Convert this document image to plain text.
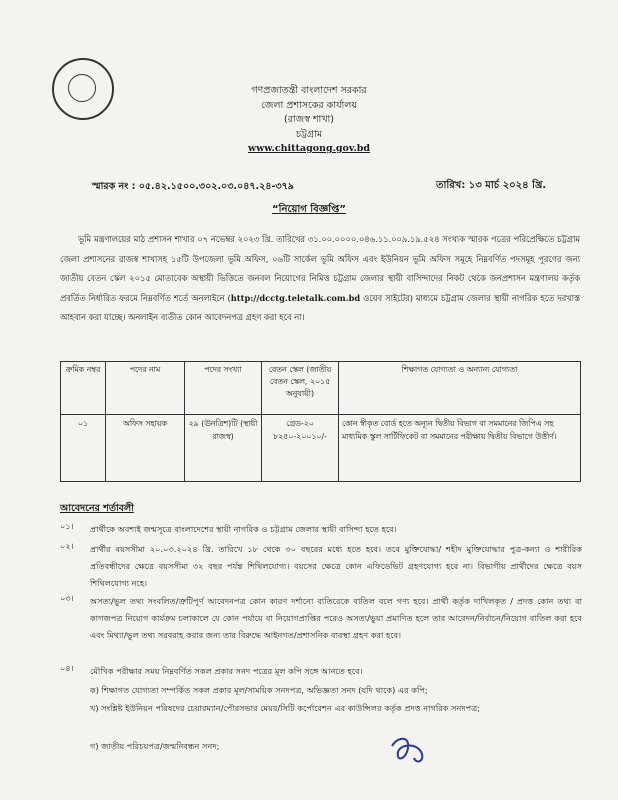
গণপ্রজাতন্ত্রী বাংলাদেশ সরকার
জেলা প্রশাসকের কার্যালয়
(রাজস্ব শাখা)
চট্টগ্রাম
www.chittagong.gov.bd
স্মারক নং : ০৫.৪২.১৫০০.৩০২.০৩.০৪৭.২৪-৩৭৯	তারিখ: ১৩ মার্চ ২০২৪ খ্রি.
“নিয়োগ বিজ্ঞপ্তি”
ভূমি মন্ত্রণালয়ের মাঠ প্রশাসন শাখার ০৭ নভেম্বর ২০২৩ খ্রি. তারিখের ৩১.০০.০০০০.০৪৬.১১.০০৯.১৯.৫২৪ সংখ্যক স্মারক পত্রের পরিপ্রেক্ষিতে চট্টগ্রাম জেলা প্রশাসনের রাজস্ব শাখাসহ ১৫টি উপজেলা ভূমি অফিস, ০৬টি সার্কেল ভূমি অফিস এবং ইউনিয়ন ভূমি অফিস সমূহে নিম্নবর্ণিত পদসমূহ পূরণের জন্য জাতীয় বেতন স্কেল ২০১৫ মোতাবেক অস্থায়ী ভিত্তিতে জনবল নিয়োগের নিমিত্ত চট্টগ্রাম জেলার স্থায়ী বাসিন্দাদের নিকট থেকে জনপ্রশাসন মন্ত্রণালয় কর্তৃক প্রবর্তিত নির্ধারিত ফরমে নিম্নবর্ণিত শর্তে অনলাইনে (http://dcctg.teletalk.com.bd ওয়েব সাইটের) মাধ্যমে চট্টগ্রাম জেলার স্থায়ী নাগরিক হতে দরখাস্ত আহবান করা যাচ্ছে। অনলাইন ব্যতীত কোন আবেদনপত্র গ্রহণ করা হবে না।
ক্রমিক নম্বর	পদের নাম	পদের সংখ্যা	বেতন স্কেল (জাতীয় বেতন স্কেল, ২০১৫ অনুযায়ী)	শিক্ষাগত যোগ্যতা ও অন্যান্য যোগ্যতা
০১	অফিস সহায়ক	২৯ (ঊনত্রিশ)টি (স্থায়ী রাজস্ব)	গ্রেড-২০ ৮২৫০-২০০১০/-	কোন স্বীকৃত বোর্ড হতে অন্যূন দ্বিতীয় বিভাগ বা সমমানের জিপিএ সহ মাধ্যমিক স্কুল সার্টিফিকেট বা সমমানের পরীক্ষায় দ্বিতীয় বিভাগে উত্তীর্ণ।
আবেদনের শর্তাবলী
০১। প্রার্থীকে অবশ্যই জন্মসূত্রে বাংলাদেশের স্থায়ী নাগরিক ও চট্টগ্রাম জেলার স্থায়ী বাসিন্দা হতে হবে।
০২। প্রার্থীর বয়সসীমা ২০.০৩.২০২৪ খ্রি. তারিখে ১৮ থেকে ৩০ বছরের মধ্যে হতে হবে। তবে মুক্তিযোদ্ধা/ শহীদ মুক্তিযোদ্ধার পুত্র-কন্যা ও শারীরিক প্রতিবন্ধীদের ক্ষেত্রে বয়সসীমা ৩২ বছর পর্যন্ত শিথিলযোগ্য। বয়সের ক্ষেত্রে কোন এফিডেভিট গ্রহণযোগ্য হবে না। বিভাগীয় প্রার্থীদের ক্ষেত্রে বয়স শিথিলযোগ্য নহে।
০৩। অসত্য/ভুল তথ্য সংবলিত/ত্রুটিপূর্ণ আবেদনপত্র কোন কারণ দর্শানো ব্যতিরেকে বাতিল বলে গণ্য হবে। প্রার্থী কর্তৃক দাখিলকৃত / প্রদত্ত কোন তথ্য বা কাগজপত্র নিয়োগ কার্যক্রম চলাকালে যে কোন পর্যায়ে বা নিয়োগপ্রাপ্তির পরেও অসত্য/ভুয়া প্রমাণিত হলে তার আবেদন/নির্বাচন/নিয়োগ বাতিল করা হবে এবং মিথ্যা/ভুল তথ্য সরবরাহ করার জন্য তার বিরুদ্ধে আইনগত/প্রশাসনিক ব্যবস্থা গ্রহণ করা হবে।
০৪। মৌখিক পরীক্ষার সময় নিম্নবর্ণিত সকল প্রকার সনদ পত্রের মূল কপি সঙ্গে আনতে হবে।
ক) শিক্ষাগত যোগ্যতা সম্পর্কিত সকল প্রকার মূল/সাময়িক সনদপত্র, অভিজ্ঞতা সনদ (যদি থাকে) এর কপি;
খ) সংশ্লিষ্ট ইউনিয়ন পরিষদের চেয়ারম্যান/পৌরসভার মেয়র/সিটি কর্পোরেশন এর কাউন্সিলর কর্তৃক প্রদত্ত নাগরিক সনদপত্র;
গ) জাতীয় পরিচয়পত্র/জন্মনিবন্ধন সনদ;
